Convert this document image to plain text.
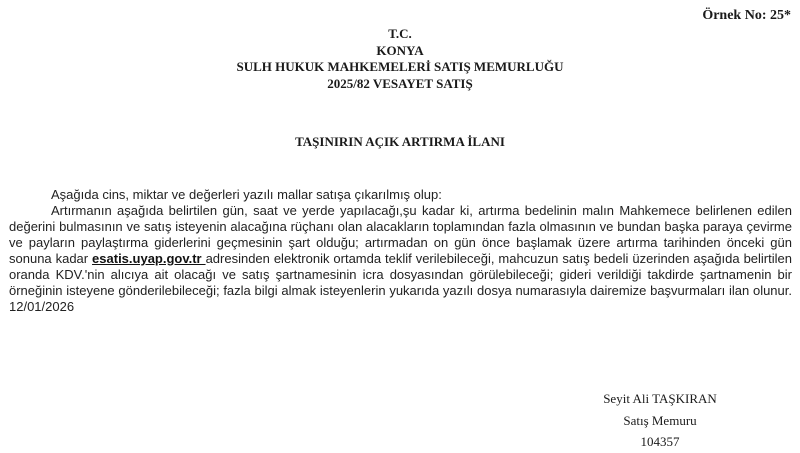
Örnek No: 25*
T.C.
KONYA
SULH HUKUK MAHKEMELERİ SATIŞ MEMURLUĞU
2025/82 VESAYET SATIŞ
TAŞINIRIN AÇIK ARTIRMA İLANI
Aşağıda cins, miktar ve değerleri yazılı mallar satışa çıkarılmış olup:
Artırmanın aşağıda belirtilen gün, saat ve yerde yapılacağı,şu kadar ki, artırma bedelinin malın Mahkemece belirlenen edilen değerini bulmasının ve satış isteyenin alacağına rüçhanı olan alacakların toplamından fazla olmasının ve bundan başka paraya çevirme ve payların paylaştırma giderlerini geçmesinin şart olduğu; artırmadan on gün önce başlamak üzere artırma tarihinden önceki gün sonuna kadar esatis.uyap.gov.tr adresinden elektronik ortamda teklif verilebileceği, mahcuzun satış bedeli üzerinden aşağıda belirtilen oranda KDV.'nin alıcıya ait olacağı ve satış şartnamesinin icra dosyasından görülebileceği; gideri verildiği takdirde şartnamenin bir örneğinin isteyene gönderilebileceği; fazla bilgi almak isteyenlerin yukarıda yazılı dosya numarasıyla dairemize başvurmaları ilan olunur. 12/01/2026
Seyit Ali TAŞKIRAN
Satış Memuru
104357
